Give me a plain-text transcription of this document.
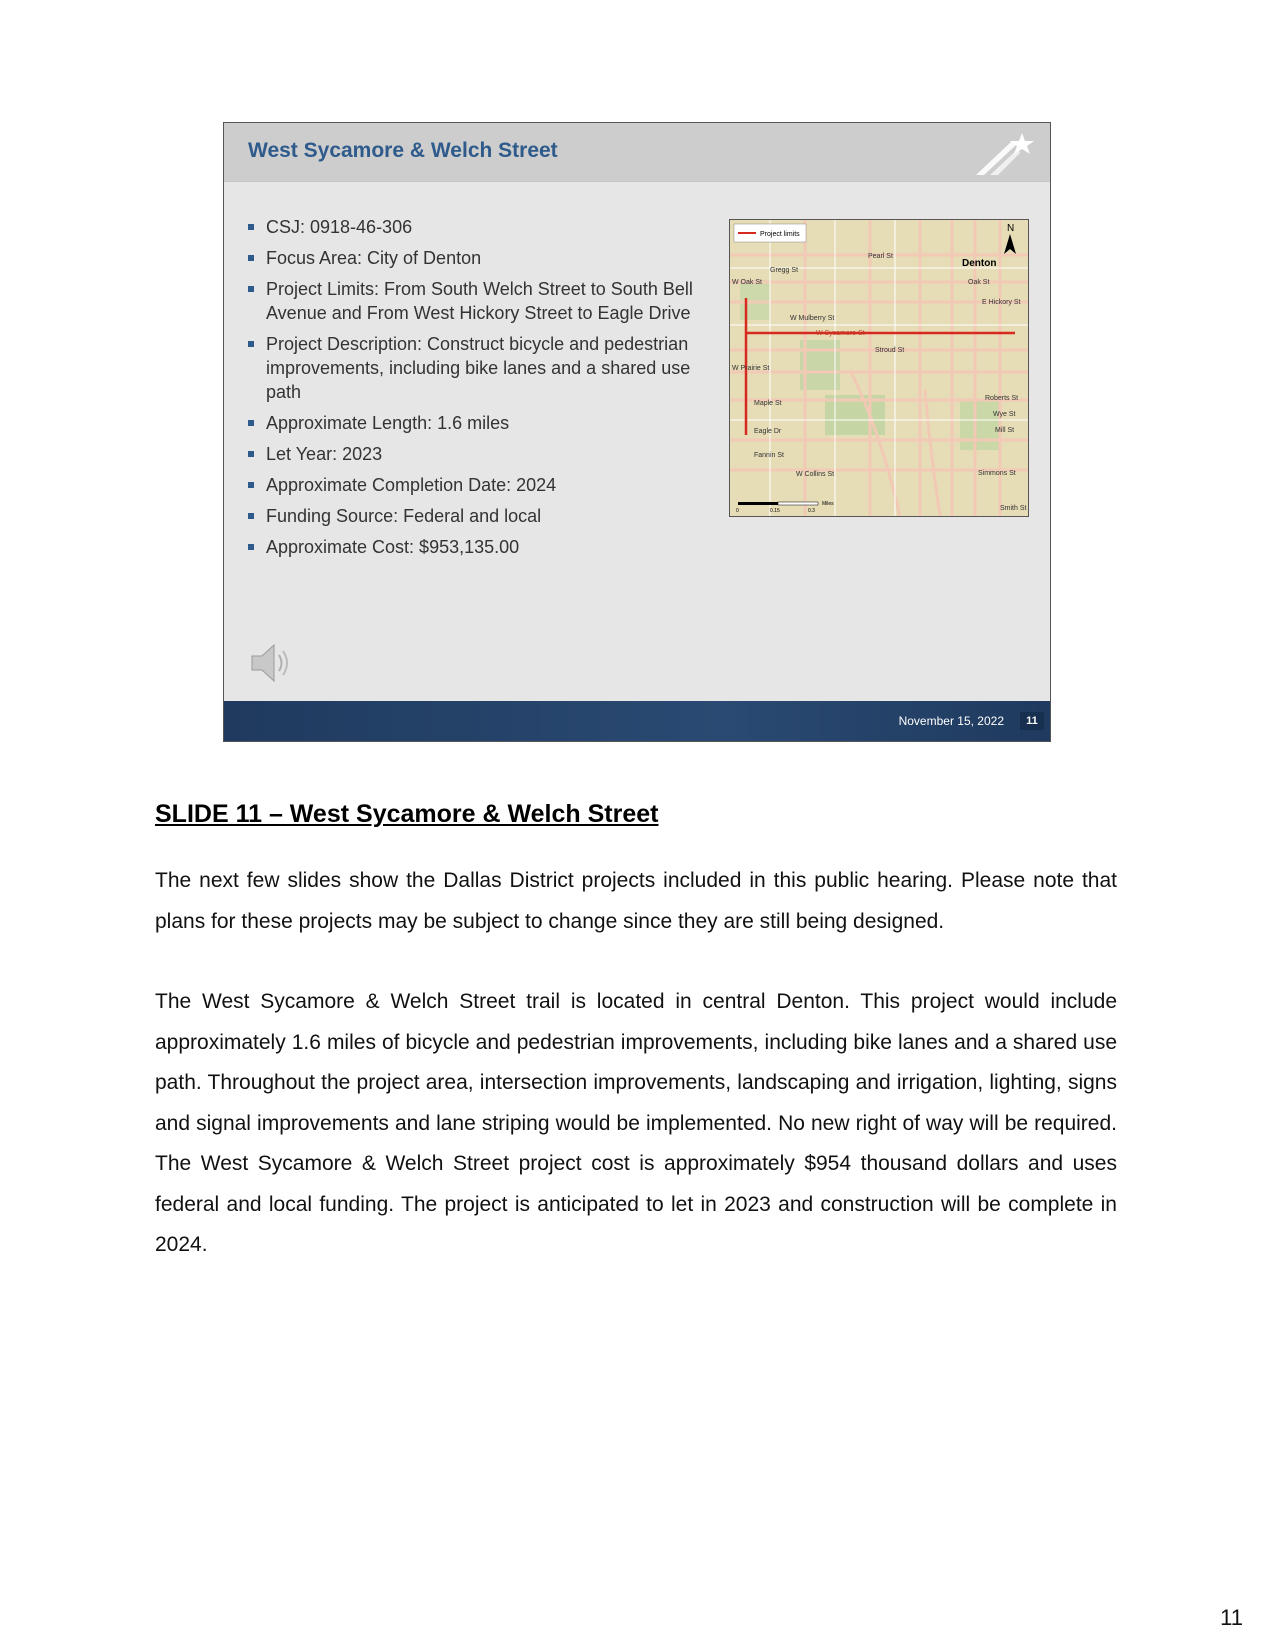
West Sycamore & Welch Street
CSJ: 0918-46-306
Focus Area: City of Denton
Project Limits: From South Welch Street to South Bell Avenue and From West Hickory Street to Eagle Drive
Project Description: Construct bicycle and pedestrian improvements, including bike lanes and a shared use path
Approximate Length: 1.6 miles
Let Year: 2023
Approximate Completion Date: 2024
Funding Source: Federal and local
Approximate Cost: $953,135.00
Project limits
N
Denton
Pearl St
Gregg St
W Oak St	Oak St
E Hickory St
W Mulberry St
W Sycamore St
Stroud St
W Prairie St
Maple St
Eagle Dr
Fannin St
W Collins St
Roberts St
Wye St
Mill St
Simmons St
Smith St
0	0.15	0.3
Miles
November 15, 2022	11
SLIDE 11 – West Sycamore & Welch Street

The next few slides show the Dallas District projects included in this public hearing. Please note that plans for these projects may be subject to change since they are still being designed.

The West Sycamore & Welch Street trail is located in central Denton. This project would include approximately 1.6 miles of bicycle and pedestrian improvements, including bike lanes and a shared use path. Throughout the project area, intersection improvements, landscaping and irrigation, lighting, signs and signal improvements and lane striping would be implemented. No new right of way will be required. The West Sycamore & Welch Street project cost is approximately $954 thousand dollars and uses federal and local funding. The project is anticipated to let in 2023 and construction will be complete in 2024.

11
